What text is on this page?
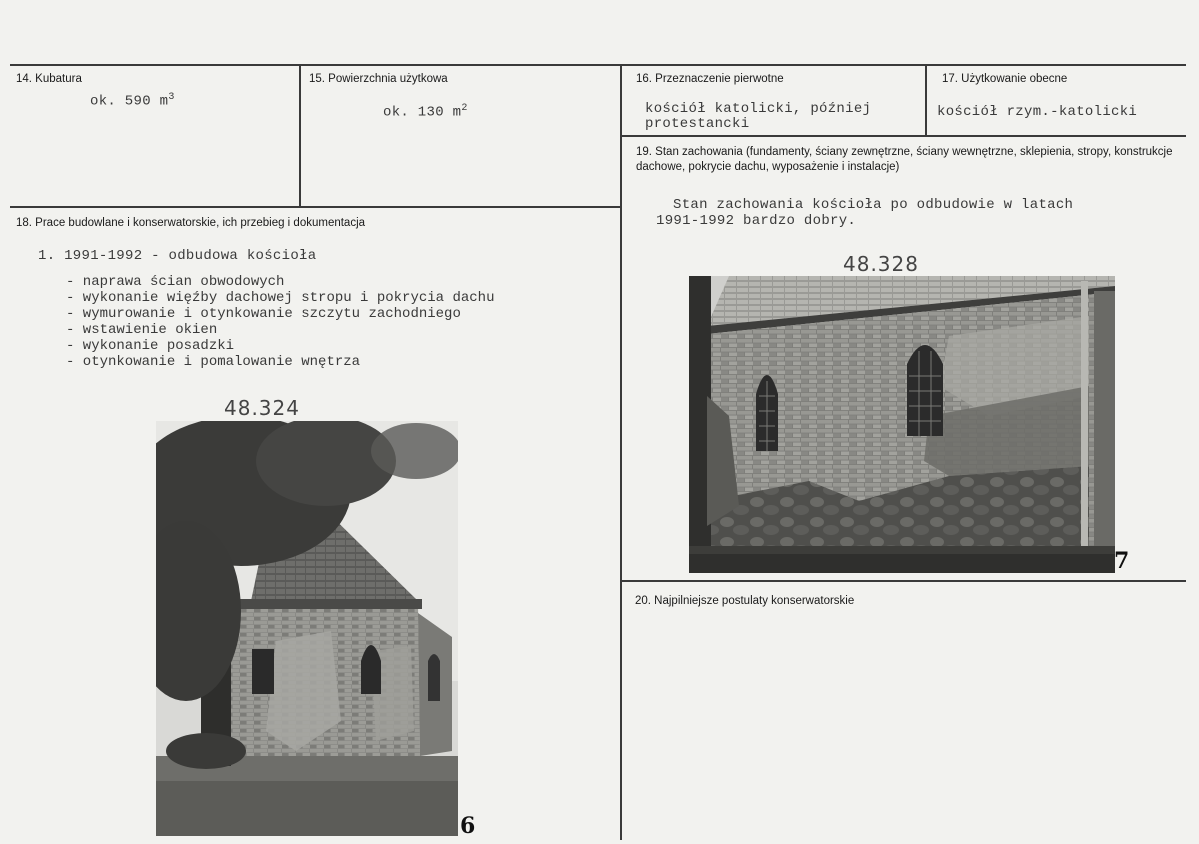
14. Kubatura
ok. 590 $m^3$
15. Powierzchnia użytkowa
ok. 130 $m^2$
16. Przeznaczenie pierwotne
kościół katolicki, później
protestancki
17. Użytkowanie obecne
kościół rzym.-katolicki
18. Prace budowlane i konserwatorskie, ich przebieg i dokumentacja
1. 1991-1992 - odbudowa kościoła
- naprawa ścian obwodowych
- wykonanie więźby dachowej stropu i pokrycia dachu
- wymurowanie i otynkowanie szczytu zachodniego
- wstawienie okien
- wykonanie posadzki
- otynkowanie i pomalowanie wnętrza
19. Stan zachowania (fundamenty, ściany zewnętrzne, ściany wewnętrzne, sklepienia, stropy, konstrukcje dachowe, pokrycie dachu, wyposażenie i instalacje)
Stan zachowania kościoła po odbudowie w latach
1991-1992 bardzo dobry.
20. Najpilniejsze postulaty konserwatorskie
48.324
6
48.328
7
